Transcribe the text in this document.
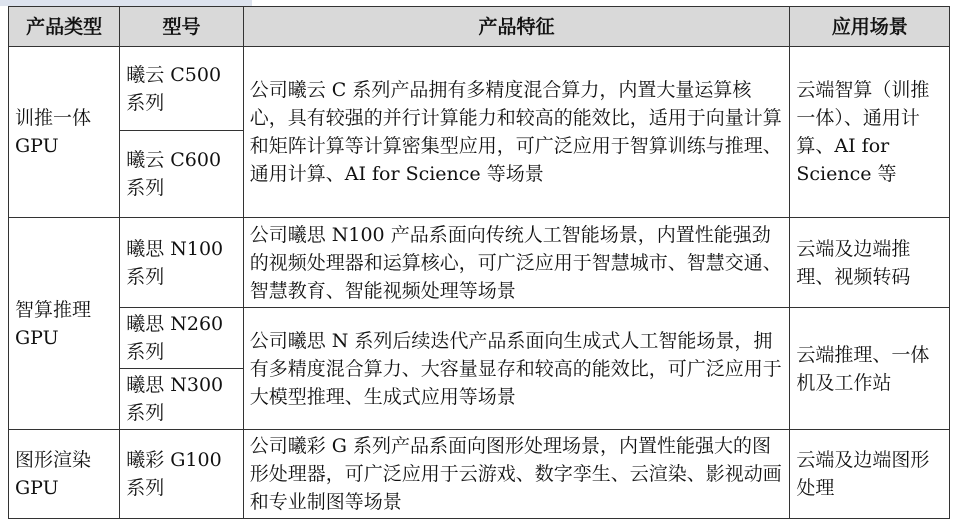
产品类型	型号	产品特征	应用场景
训推一体GPU	曦云 C500 系列	公司曦云 C 系列产品拥有多精度混合算力，内置大量运算核心，具有较强的并行计算能力和较高的能效比，适用于向量计算和矩阵计算等计算密集型应用，可广泛应用于智算训练与推理、通用计算、AI for Science 等场景	云端智算（训推一体）、通用计算、AI for Science 等
	曦云 C600 系列		
智算推理GPU	曦思 N100 系列	公司曦思 N100 产品系面向传统人工智能场景，内置性能强劲的视频处理器和运算核心，可广泛应用于智慧城市、智慧交通、智慧教育、智能视频处理等场景	云端及边端推理、视频转码
	曦思 N260 系列	公司曦思 N 系列后续迭代产品系面向生成式人工智能场景，拥有多精度混合算力、大容量显存和较高的能效比，可广泛应用于大模型推理、生成式应用等场景	云端推理、一体机及工作站
	曦思 N300 系列		
图形渲染GPU	曦彩 G100 系列	公司曦彩 G 系列产品系面向图形处理场景，内置性能强大的图形处理器，可广泛应用于云游戏、数字孪生、云渲染、影视动画和专业制图等场景	云端及边端图形处理
